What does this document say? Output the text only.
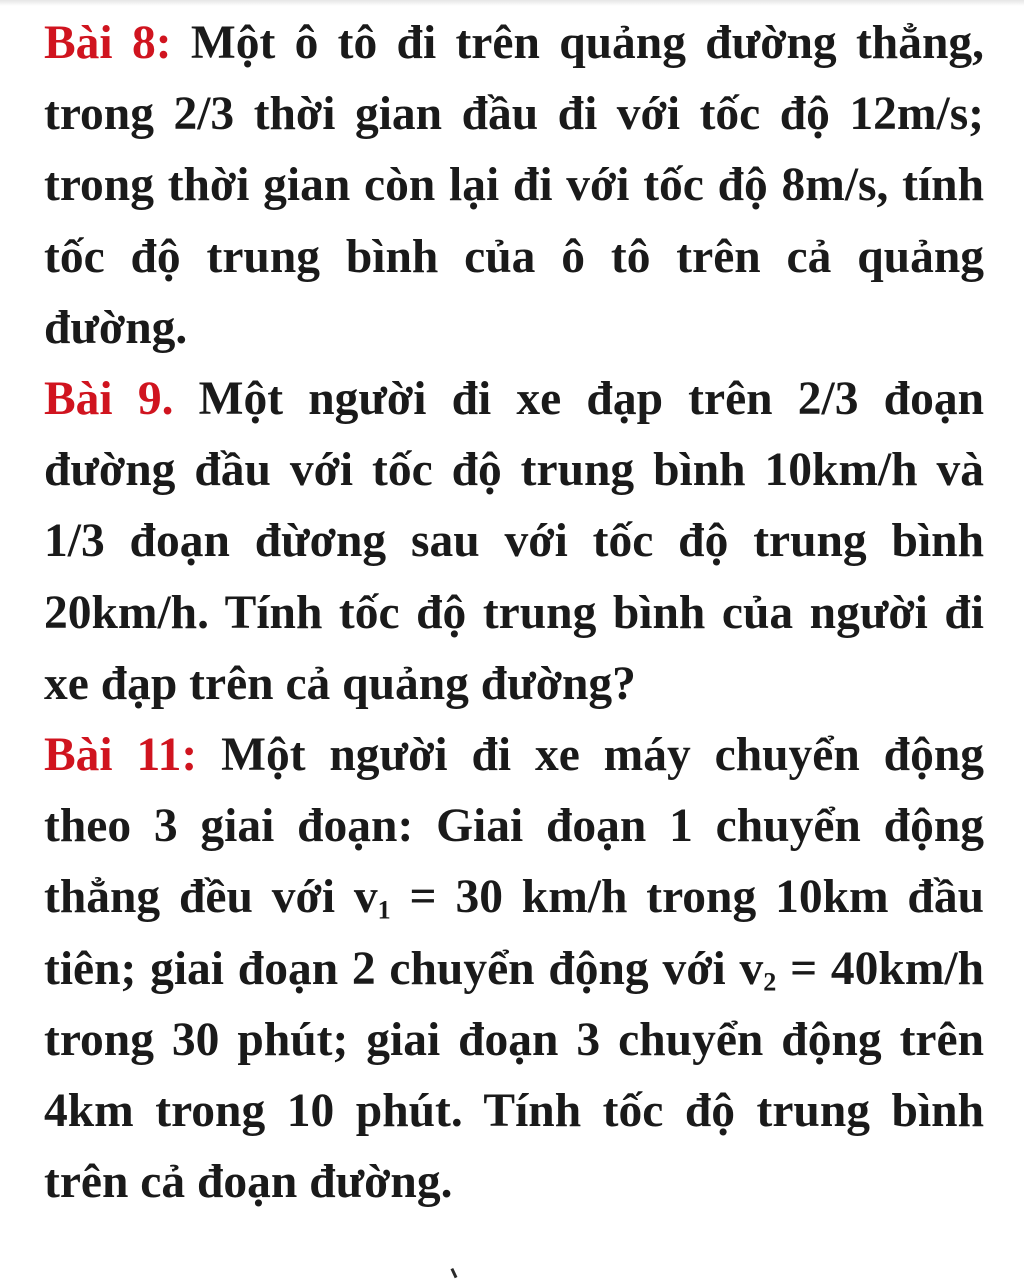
Bài 8: Một ô tô đi trên quảng đường thẳng, trong 2/3 thời gian đầu đi với tốc độ 12m/s; trong thời gian còn lại đi với tốc độ 8m/s, tính tốc độ trung bình của ô tô trên cả quảng đường.

Bài 9. Một người đi xe đạp trên 2/3 đoạn đường đầu với tốc độ trung bình 10km/h và 1/3 đoạn đừơng sau với tốc độ trung bình 20km/h. Tính tốc độ trung bình của người đi xe đạp trên cả quảng đường?

Bài 11: Một người đi xe máy chuyển động theo 3 giai đoạn: Giai đoạn 1 chuyển động thẳng đều với $v_1 = 30$ km/h trong 10km đầu tiên; giai đoạn 2 chuyển động với $v_2 = 40km/h$ trong 30 phút; giai đoạn 3 chuyển động trên 4km trong 10 phút. Tính tốc độ trung bình trên cả đoạn đường.
